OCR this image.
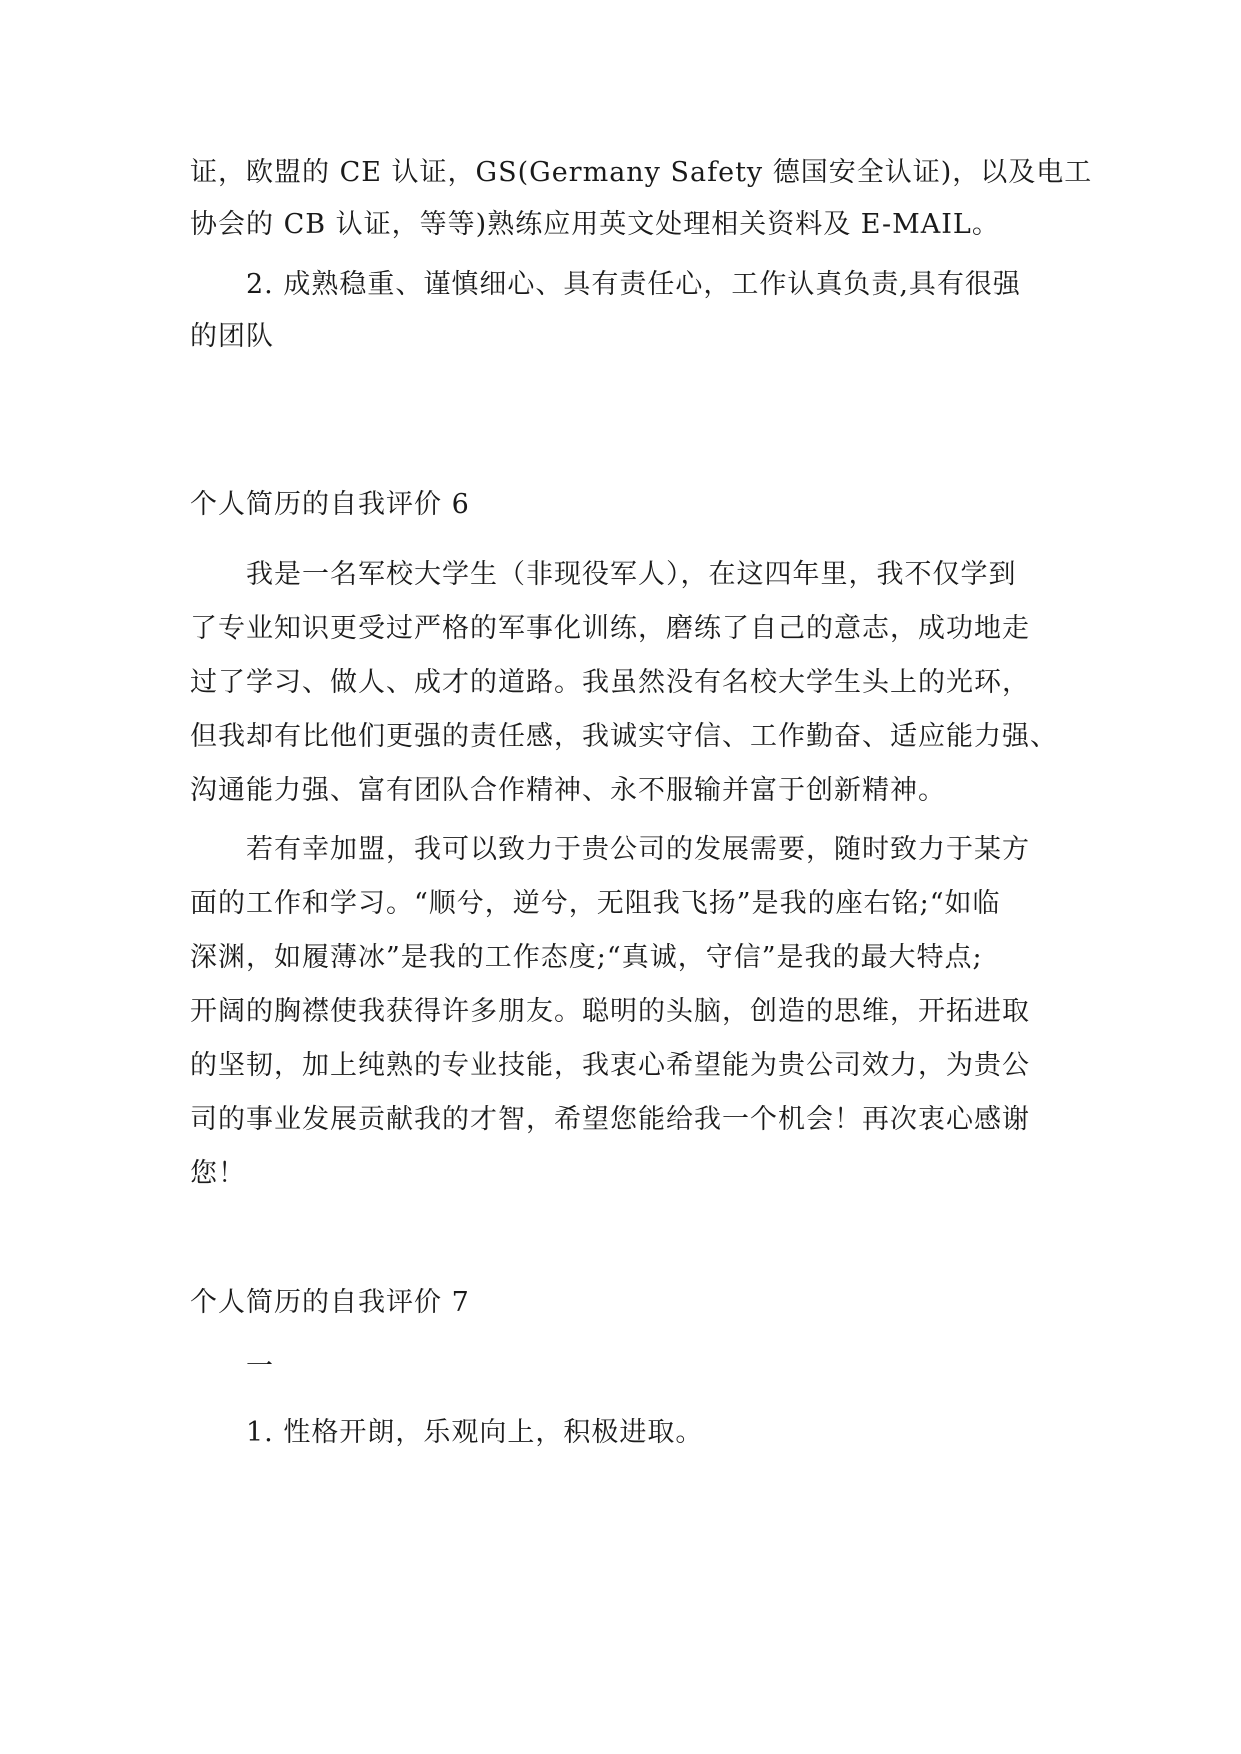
证，欧盟的 CE 认证，GS(Germany Safety 德国安全认证)，以及电工
协会的 CB 认证，等等)熟练应用英文处理相关资料及 E-MAIL。
2. 成熟稳重、谨慎细心、具有责任心，工作认真负责,具有很强
的团队
个人简历的自我评价 6
我是一名军校大学生（非现役军人），在这四年里，我不仅学到
了专业知识更受过严格的军事化训练，磨练了自己的意志，成功地走
过了学习、做人、成才的道路。我虽然没有名校大学生头上的光环，
但我却有比他们更强的责任感，我诚实守信、工作勤奋、适应能力强、
沟通能力强、富有团队合作精神、永不服输并富于创新精神。
若有幸加盟，我可以致力于贵公司的发展需要，随时致力于某方
面的工作和学习。“顺兮，逆兮，无阻我飞扬”是我的座右铭;“如临
深渊，如履薄冰”是我的工作态度;“真诚，守信”是我的最大特点;
开阔的胸襟使我获得许多朋友。聪明的头脑，创造的思维，开拓进取
的坚韧，加上纯熟的专业技能，我衷心希望能为贵公司效力，为贵公
司的事业发展贡献我的才智，希望您能给我一个机会！再次衷心感谢
您！
个人简历的自我评价 7
一
1. 性格开朗，乐观向上，积极进取。
